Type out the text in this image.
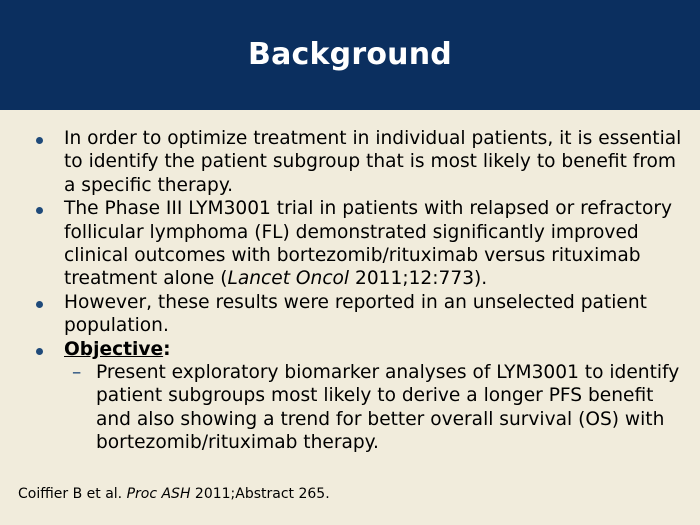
Background
In order to optimize treatment in individual patients, it is essential to identify the patient subgroup that is most likely to benefit from a specific therapy.
The Phase III LYM3001 trial in patients with relapsed or refractory follicular lymphoma (FL) demonstrated significantly improved clinical outcomes with bortezomib/rituximab versus rituximab treatment alone (Lancet Oncol 2011;12:773).
However, these results were reported in an unselected patient population.
Objective:
– Present exploratory biomarker analyses of LYM3001 to identify patient subgroups most likely to derive a longer PFS benefit and also showing a trend for better overall survival (OS) with bortezomib/rituximab therapy.
Coiffier B et al. Proc ASH 2011;Abstract 265.
